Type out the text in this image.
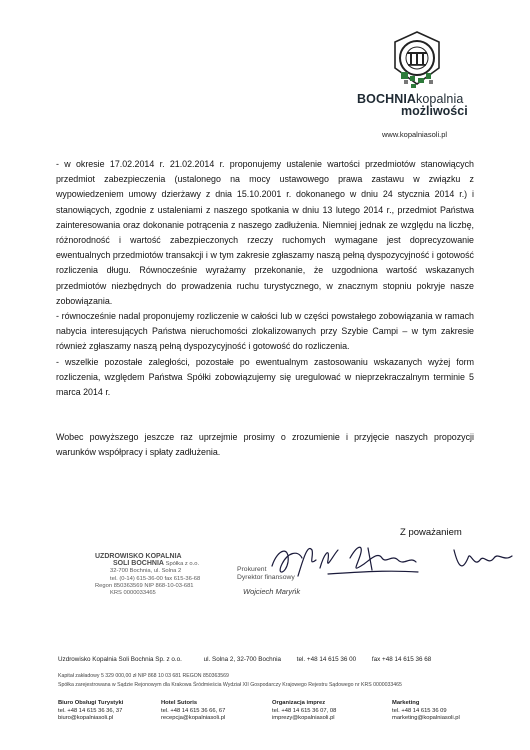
BOCHNIAkopalnia
możliwości
www.kopalniasoli.pl

- w okresie 17.02.2014 r. 21.02.2014 r. proponujemy ustalenie wartości przedmiotów stanowiących przedmiot zabezpieczenia (ustalonego na mocy ustawowego prawa zastawu w związku z wypowiedzeniem umowy dzierżawy z dnia 15.10.2001 r. dokonanego w dniu 24 stycznia 2014 r.) i stanowiących, zgodnie z ustaleniami z naszego spotkania w dniu 13 lutego 2014 r., przedmiot Państwa zainteresowania oraz dokonanie potrącenia z naszego zadłużenia. Niemniej jednak ze względu na liczbę, różnorodność i wartość zabezpieczonych rzeczy ruchomych wymagane jest doprecyzowanie ewentualnych przedmiotów transakcji i w tym zakresie zgłaszamy naszą pełną dyspozycyjność i gotowość rozliczenia długu. Równocześnie wyrażamy przekonanie, że uzgodniona wartość wskazanych przedmiotów niezbędnych do prowadzenia ruchu turystycznego, w znacznym stopniu pokryje nasze zobowiązania.

- równocześnie nadal proponujemy rozliczenie w całości lub w części powstałego zobowiązania w ramach nabycia interesujących Państwa nieruchomości zlokalizowanych przy Szybie Campi – w tym zakresie również zgłaszamy naszą pełną dyspozycyjność i gotowość do rozliczenia.

- wszelkie pozostałe zaległości, pozostałe po ewentualnym zastosowaniu wskazanych wyżej form rozliczenia, względem Państwa Spółki zobowiązujemy się uregulować w nieprzekraczalnym terminie 5 marca 2014 r.

Wobec powyższego jeszcze raz uprzejmie prosimy o zrozumienie i przyjęcie naszych propozycji warunków współpracy i spłaty zadłużenia.

Z poważaniem
UZDROWISKO KOPALNIA
SOLI BOCHNIA Spółka z o.o.
32-700 Bochnia, ul. Solna 2
tel. (0-14) 615-36-00 fax 615-36-68
Regon 850363569 NIP 868-10-03-681
KRS 0000033465
Prokurent
Dyrektor finansowy
Wojciech Maryńk
Uzdrowisko Kopalnia Soli Bochnia Sp. z o.o.	ul. Solna 2, 32-700 Bochnia	tel. +48 14 615 36 00	fax +48 14 615 36 68
Kapitał zakładowy 5 329 000,00 zł NIP 868 10 03 681 REGON 850363569
Spółka zarejestrowana w Sądzie Rejonowym dla Krakowa Śródmieścia Wydział XII Gospodarczy Krajowego Rejestru Sądowego nr KRS 0000033465
Biuro Obsługi Turystyki
tel. +48 14 615 36 36, 37
biuro@kopalniasoli.pl
Hotel Sutoris
tel. +48 14 615 36 66, 67
recepcja@kopalniasoli.pl
Organizacja imprez
tel. +48 14 615 36 07, 08
imprezy@kopalniasoli.pl
Marketing
tel. +48 14 615 36 09
marketing@kopalniasoli.pl
